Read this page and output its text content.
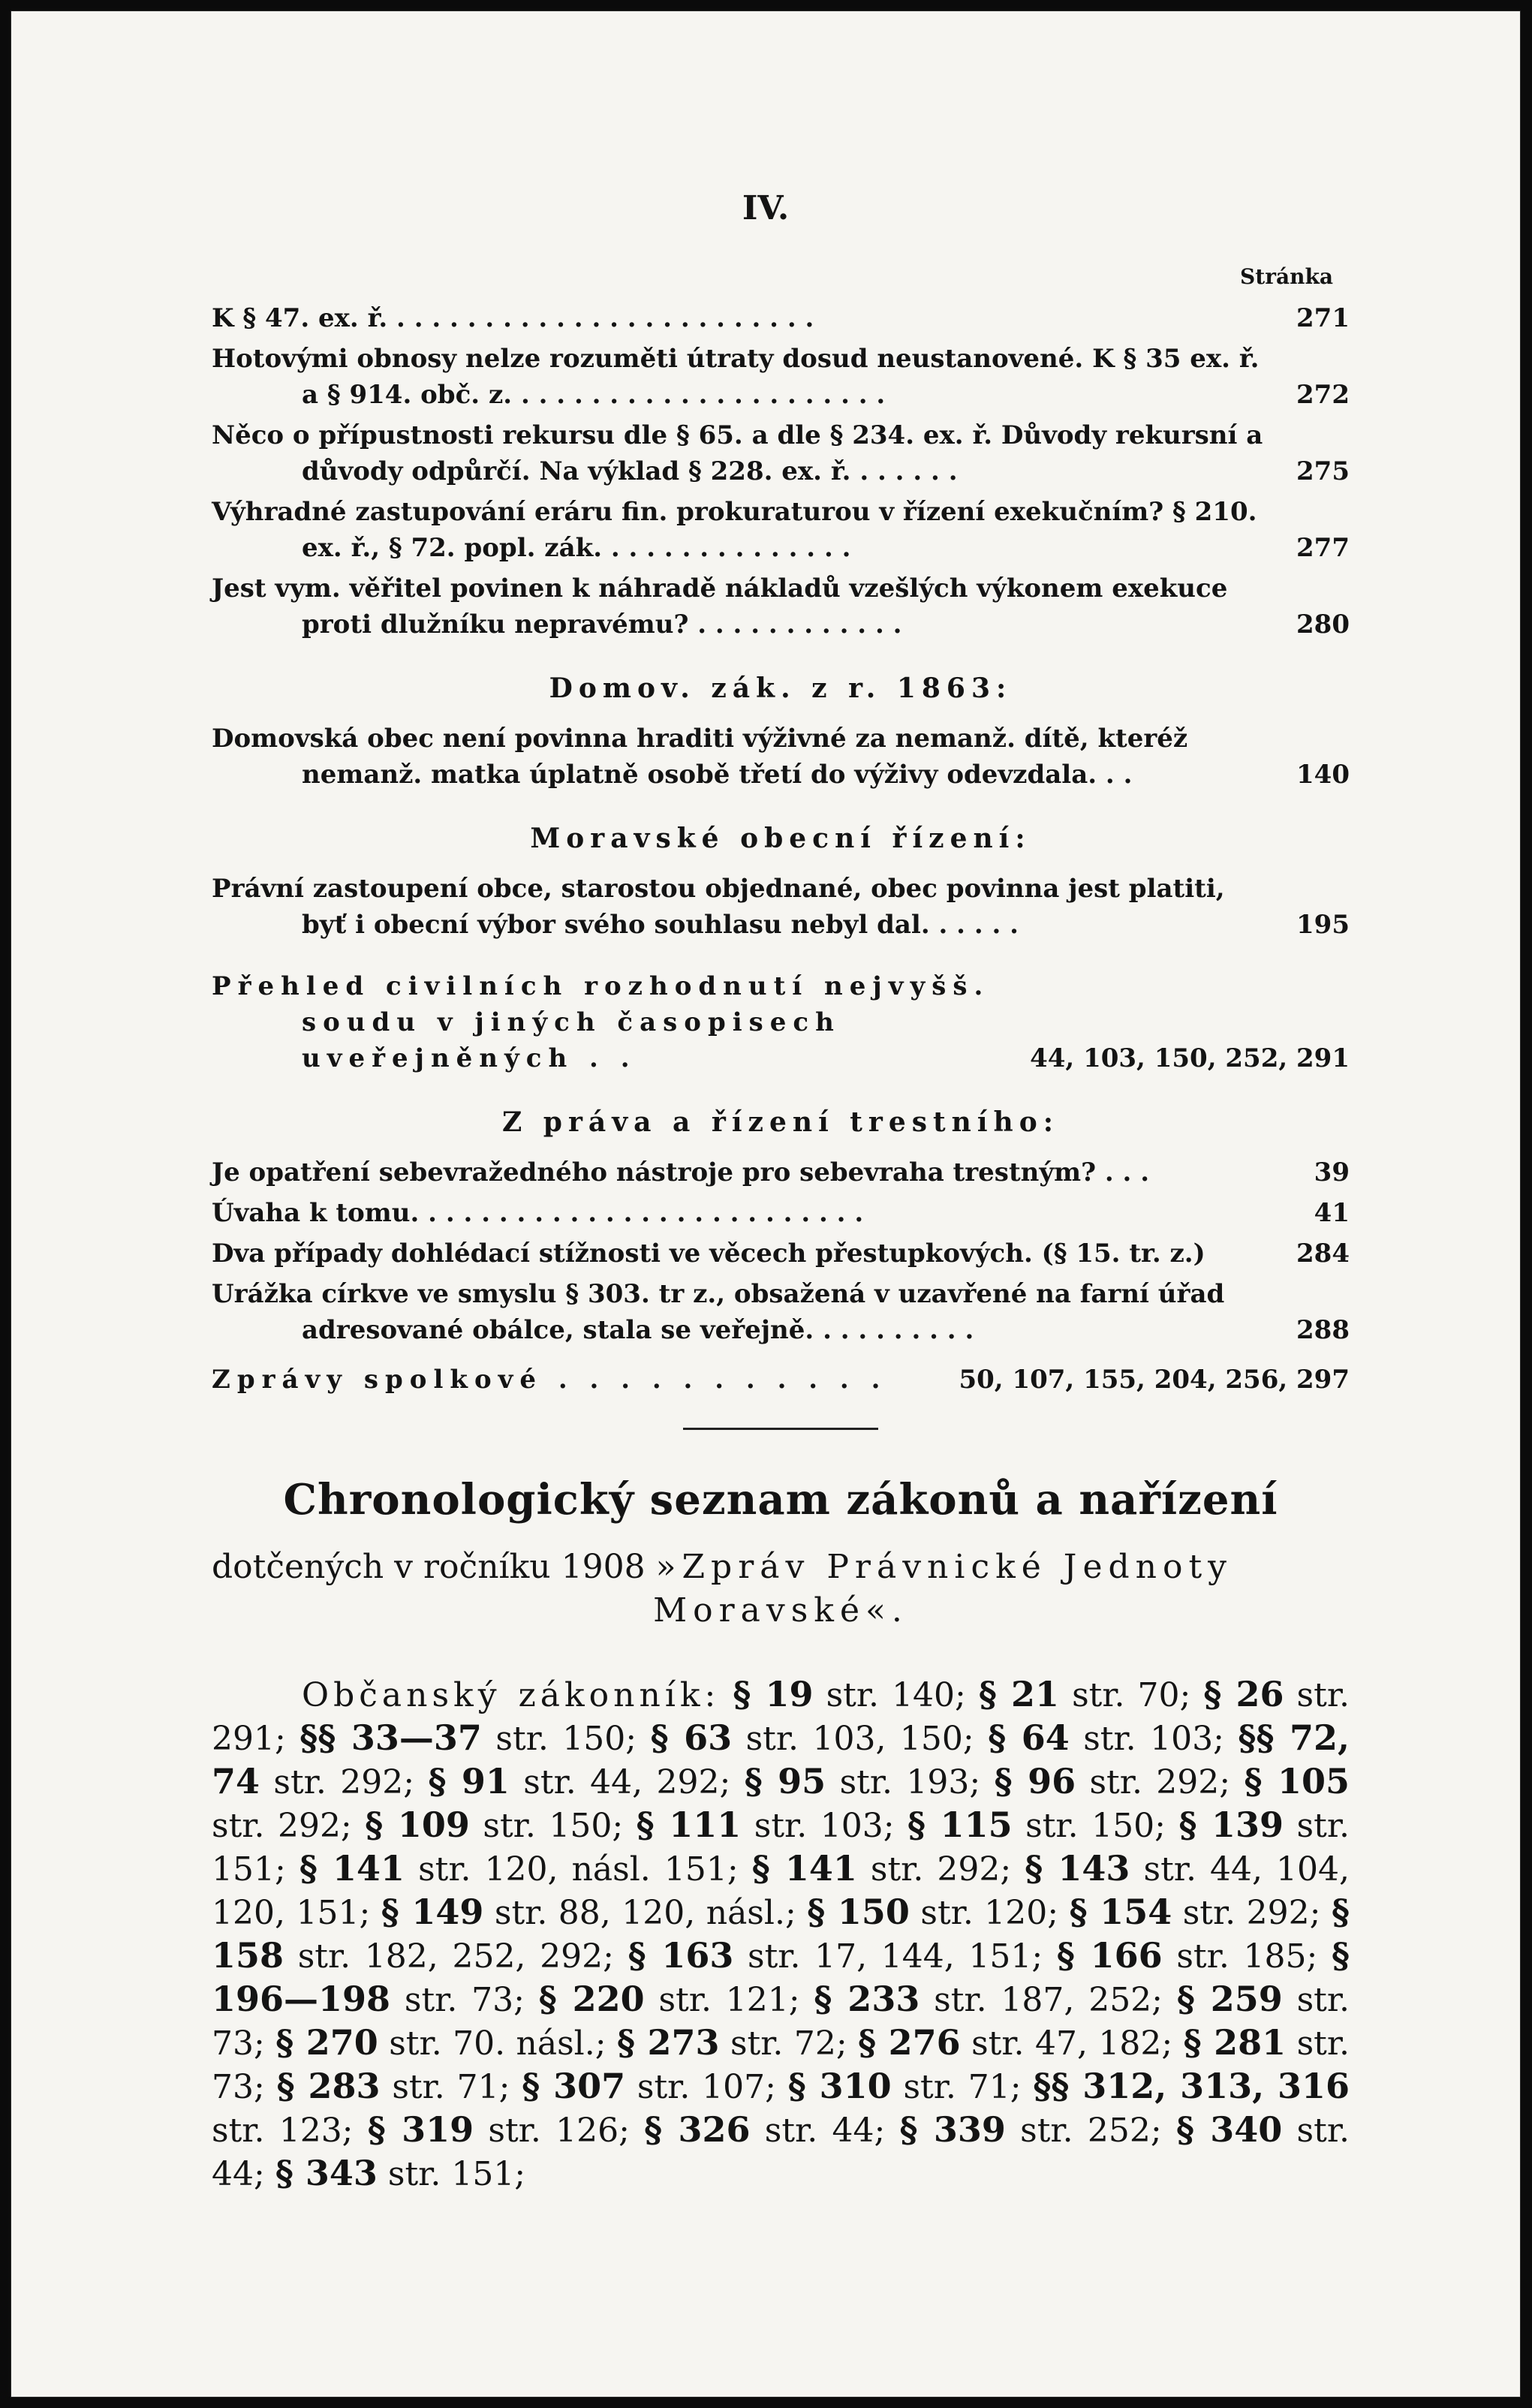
IV.
Stránka
K § 47. ex. ř. . . . . . . . . . . . . . . . . . . . . . . . .	271
Hotovými obnosy nelze rozuměti útraty dosud neustanovené. K § 35 ex. ř. a § 914. obč. z. . . . . . . . . . . . . . . . . . . . . .	272
Něco o přípustnosti rekursu dle § 65. a dle § 234. ex. ř. Důvody rekursní a důvody odpůrčí. Na výklad § 228. ex. ř. . . . . . .	275
Výhradné zastupování eráru fin. prokuraturou v řízení exekučním? § 210. ex. ř., § 72. popl. zák. . . . . . . . . . . . . . .	277
Jest vym. věřitel povinen k náhradě nákladů vzešlých výkonem exekuce proti dlužníku nepravému? . . . . . . . . . . . .	280
Domov. zák. z r. 1863:
Domovská obec není povinna hraditi výživné za nemanž. dítě, kteréž nemanž. matka úplatně osobě třetí do výživy odevzdala. . .	140
Moravské obecní řízení:
Právní zastoupení obce, starostou objednané, obec povinna jest platiti, byť i obecní výbor svého souhlasu nebyl dal. . . . . .	195
Přehled civilních rozhodnutí nejvyšš. soudu v jiných časopisech uveřejněných . .	44, 103, 150, 252, 291
Z práva a řízení trestního:
Je opatření sebevražedného nástroje pro sebevraha trestným? . . .	39
Úvaha k tomu. . . . . . . . . . . . . . . . . . . . . . . . . .	41
Dva případy dohlédací stížnosti ve věcech přestupkových. (§ 15. tr. z.)	284
Urážka církve ve smyslu § 303. tr z., obsažená v uzavřené na farní úřad adresované obálce, stala se veřejně. . . . . . . . . .	288
Zprávy spolkové . . . . . . . . . . .	50, 107, 155, 204, 256, 297
Chronologický seznam zákonů a nařízení
dotčených v ročníku 1908 »Zpráv Právnické Jednoty
Moravské«.
Občanský zákonník: § 19 str. 140; § 21 str. 70; § 26 str. 291; §§ 33—37 str. 150; § 63 str. 103, 150; § 64 str. 103; §§ 72, 74 str. 292; § 91 str. 44, 292; § 95 str. 193; § 96 str. 292; § 105 str. 292; § 109 str. 150; § 111 str. 103; § 115 str. 150; § 139 str. 151; § 141 str. 120, násl. 151; § 141 str. 292; § 143 str. 44, 104, 120, 151; § 149 str. 88, 120, násl.; § 150 str. 120; § 154 str. 292; § 158 str. 182, 252, 292; § 163 str. 17, 144, 151; § 166 str. 185; § 196—198 str. 73; § 220 str. 121; § 233 str. 187, 252; § 259 str. 73; § 270 str. 70. násl.; § 273 str. 72; § 276 str. 47, 182; § 281 str. 73; § 283 str. 71; § 307 str. 107; § 310 str. 71; §§ 312, 313, 316 str. 123; § 319 str. 126; § 326 str. 44; § 339 str. 252; § 340 str. 44; § 343 str. 151;
